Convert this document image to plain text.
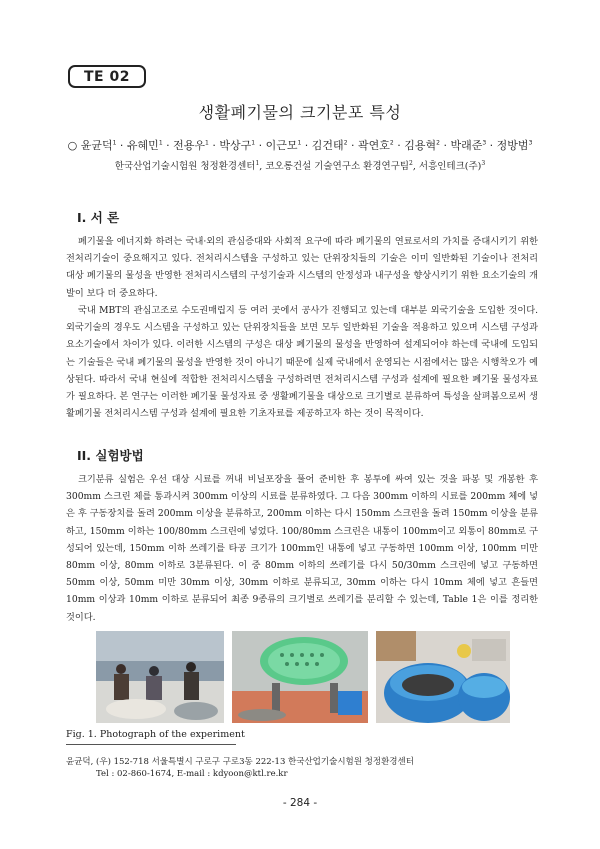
TE 02
생활폐기물의 크기분포 특성
○ 윤균덕$^1$ · 유혜민$^1$ · 전용우$^1$ · 박상구$^1$ · 이근모$^1$ · 김건태$^2$ · 곽연호$^2$ · 김용혁$^2$ · 박래준$^3$ · 정방범$^3$
한국산업기술시험원 청정환경센터$^1$, 코오롱건설 기술연구소 환경연구팀$^2$, 서흥인테크(주)$^3$
I. 서 론

폐기물을 에너지화 하려는 국내·외의 관심증대와 사회적 요구에 따라 폐기물의 연료로서의 가치를 증대시키기 위한 전처리기술이 중요해지고 있다. 전처리시스템을 구성하고 있는 단위장치들의 기술은 이미 일반화된 기술이나 전처리 대상 폐기물의 물성을 반영한 전처리시스템의 구성기술과 시스템의 안정성과 내구성을 향상시키기 위한 요소기술의 개발이 보다 더 중요하다.

국내 MBT의 관심고조로 수도권매립지 등 여러 곳에서 공사가 진행되고 있는데 대부분 외국기술을 도입한 것이다. 외국기술의 경우도 시스템을 구성하고 있는 단위장치들을 보면 모두 일반화된 기술을 적용하고 있으며 시스템 구성과 요소기술에서 차이가 있다. 이러한 시스템의 구성은 대상 폐기물의 물성을 반영하여 설계되어야 하는데 국내에 도입되는 기술들은 국내 폐기물의 물성을 반영한 것이 아니기 때문에 실제 국내에서 운영되는 시점에서는 많은 시행착오가 예상된다. 따라서 국내 현실에 적합한 전처리시스템을 구성하려면 전처리시스템 구성과 설계에 필요한 폐기물 물성자료가 필요하다. 본 연구는 이러한 폐기물 물성자료 중 생활폐기물을 대상으로 크기별로 분류하여 특성을 살펴봄으로써 생활폐기물 전처리시스템 구성과 설계에 필요한 기초자료를 제공하고자 하는 것이 목적이다.

II. 실험방법

크기분류 실험은 우선 대상 시료를 꺼내 비닐포장을 풀어 준비한 후 봉투에 싸여 있는 것을 파봉 및 개봉한 후 300mm 스크린 체를 통과시켜 300mm 이상의 시료를 분류하였다. 그 다음 300mm 이하의 시료를 200mm 체에 넣은 후 구동장치를 돌려 200mm 이상을 분류하고, 200mm 이하는 다시 150mm 스크린을 돌려 150mm 이상을 분류하고, 150mm 이하는 100/80mm 스크린에 넣었다. 100/80mm 스크린은 내통이 100mm이고 외통이 80mm로 구성되어 있는데, 150mm 이하 쓰레기를 타공 크기가 100mm인 내통에 넣고 구동하면 100mm 이상, 100mm 미만 80mm 이상, 80mm 이하로 3분류된다. 이 중 80mm 이하의 쓰레기를 다시 50/30mm 스크린에 넣고 구동하면 50mm 이상, 50mm 미만 30mm 이상, 30mm 이하로 분류되고, 30mm 이하는 다시 10mm 체에 넣고 흔들면 10mm 이상과 10mm 이하로 분류되어 최종 9종류의 크기별로 쓰레기를 분리할 수 있는데, Table 1은 이를 정리한 것이다.

Fig. 1. Photograph of the experiment
윤균덕, (우) 152-718 서울특별시 구로구 구로3동 222-13 한국산업기술시험원 청정환경센터
Tel : 02-860-1674, E-mail : kdyoon@ktl.re.kr
- 284 -
